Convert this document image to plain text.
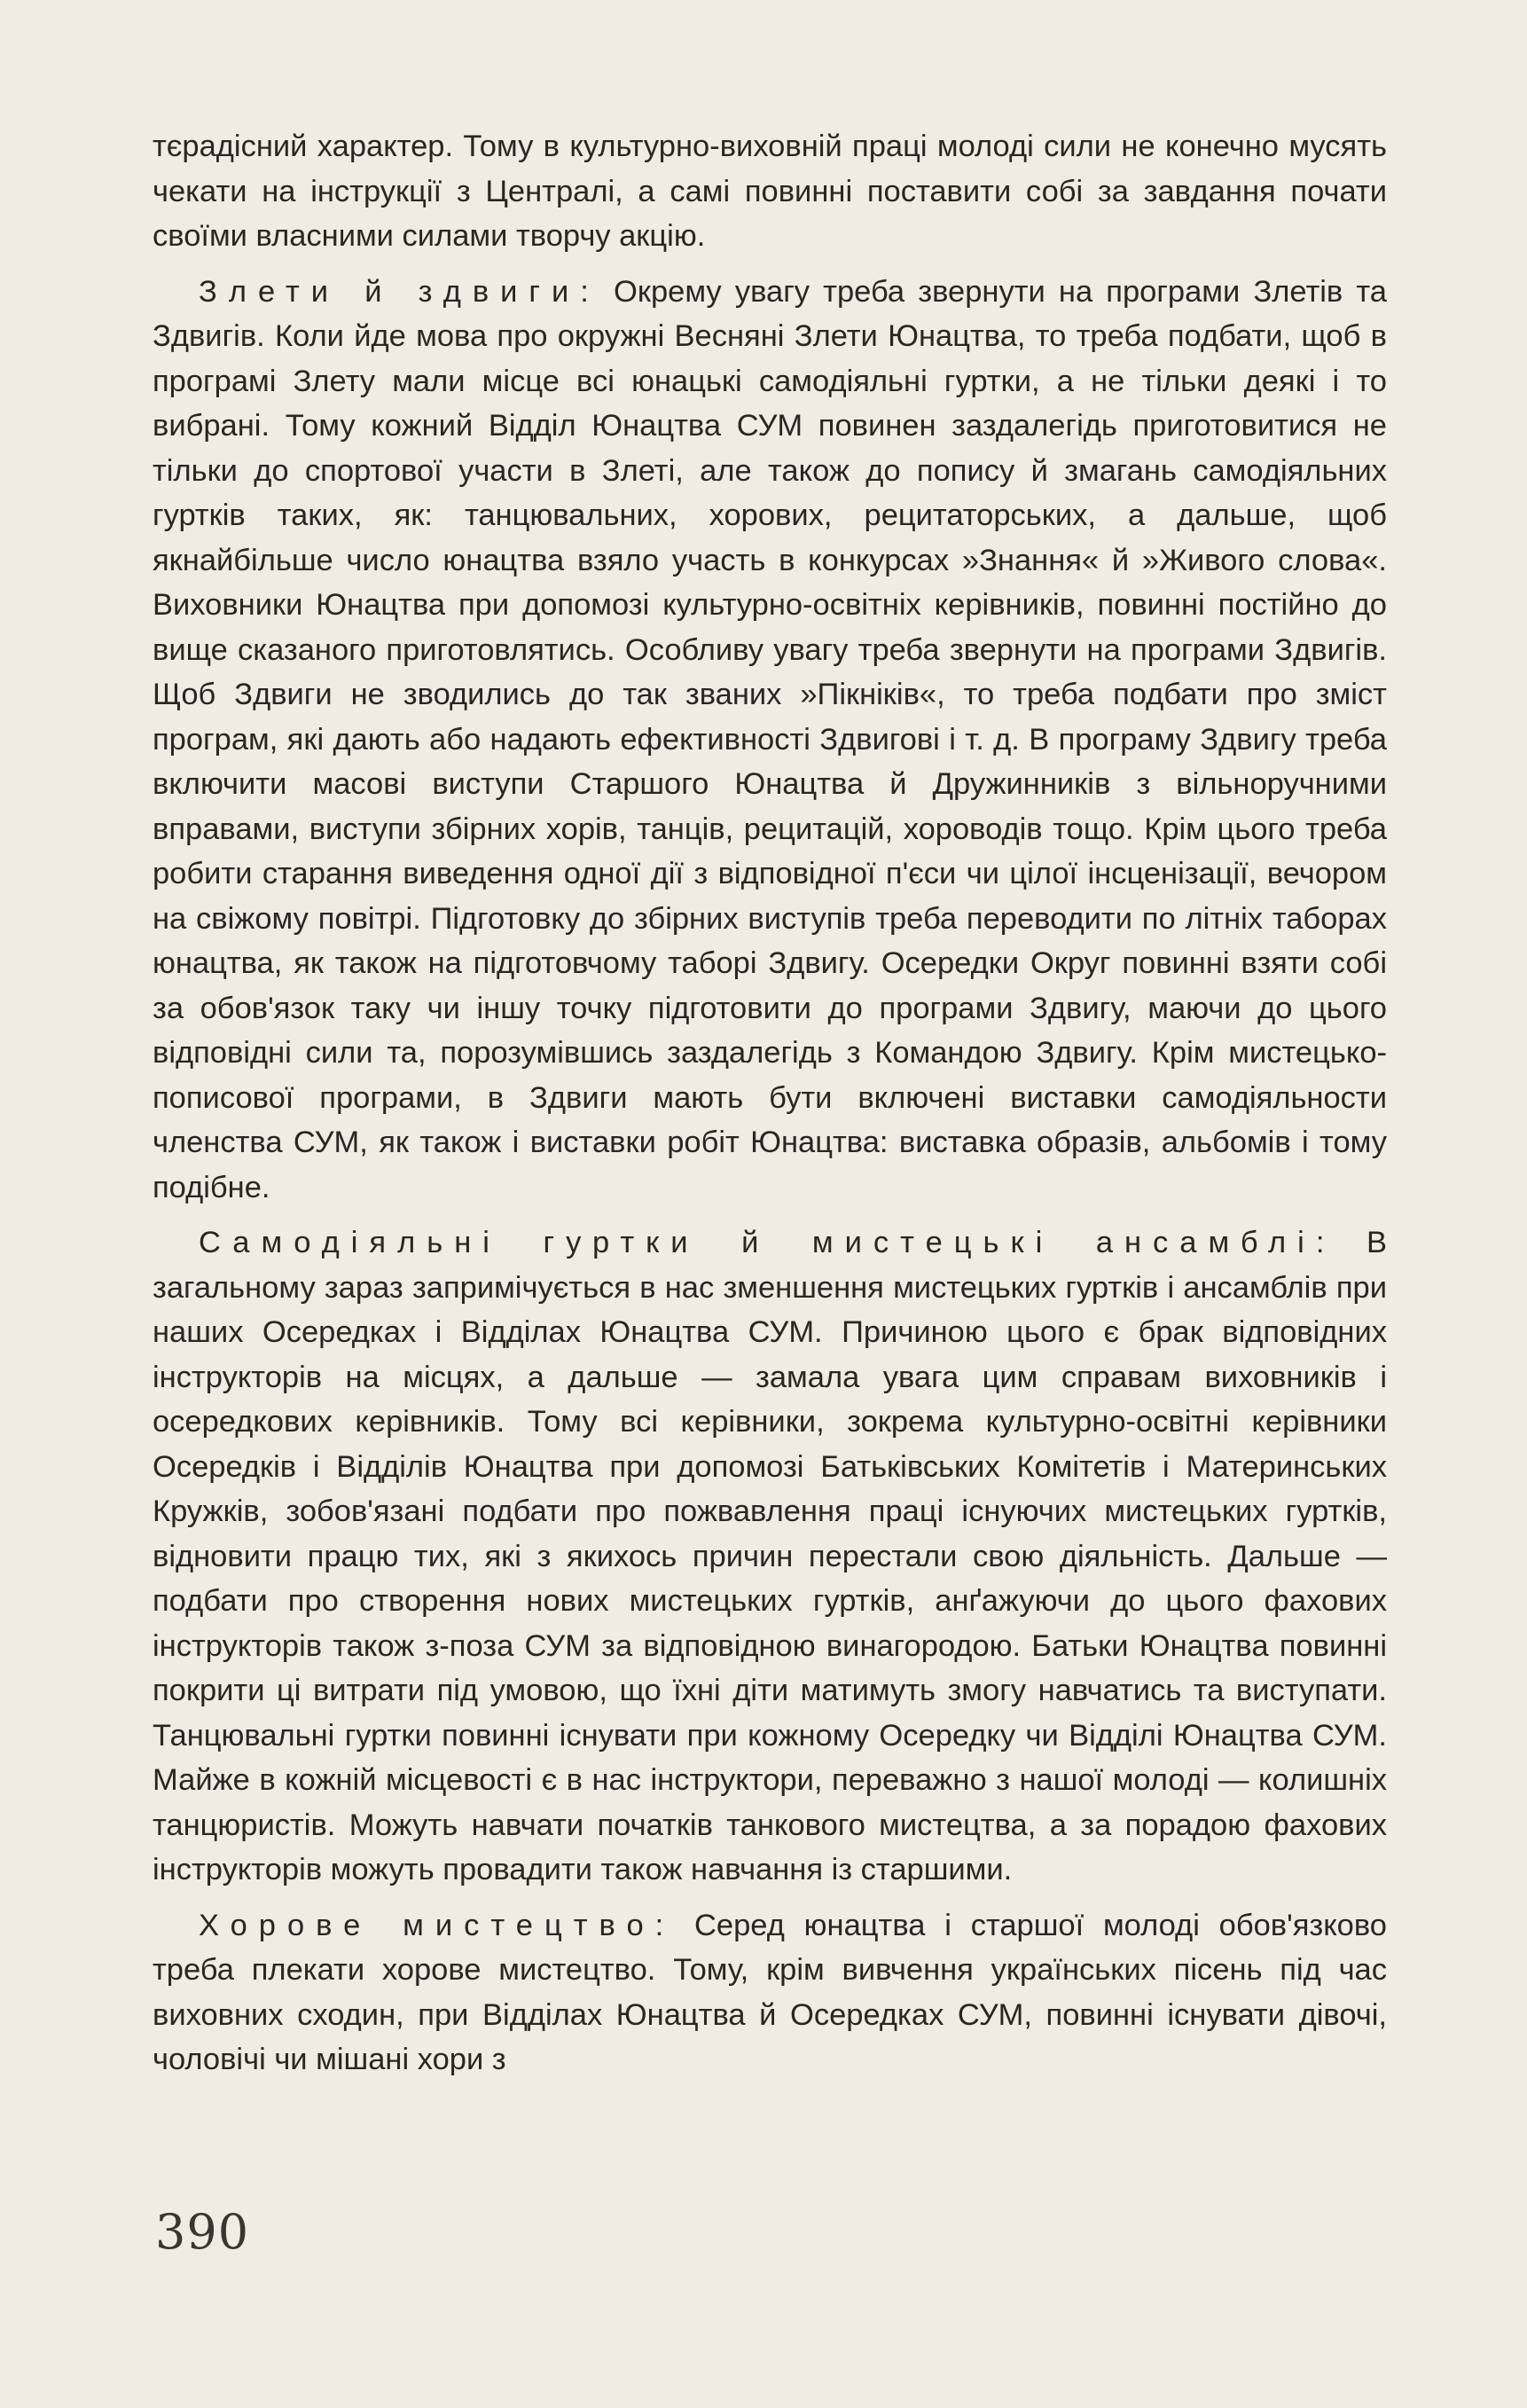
тєрадісний характер. Тому в культурно-виховній праці молоді сили не конечно мусять чекати на інструкції з Централі, а самі повинні поставити собі за завдання почати своїми власними силами творчу акцію.

Злети й здвиги: Окрему увагу треба звернути на програми Злетів та Здвигів. Коли йде мова про окружні Весняні Злети Юнацтва, то треба подбати, щоб в програмі Злету мали місце всі юнацькі самодіяльні гуртки, а не тільки деякі і то вибрані. Тому кожний Відділ Юнацтва СУМ повинен заздалегідь приготовитися не тільки до спортової участи в Злеті, але також до попису й змагань самодіяльних гуртків таких, як: танцювальних, хорових, рецитаторських, а дальше, щоб якнайбільше число юнацтва взяло участь в конкурсах »Знання« й »Живого слова«. Виховники Юнацтва при допомозі культурно-освітніх керівників, повинні постійно до вище сказаного приготовлятись. Особливу увагу треба звернути на програми Здвигів. Щоб Здвиги не зводились до так званих »Пікніків«, то треба подбати про зміст програм, які дають або надають ефективності Здвигові і т. д. В програму Здвигу треба включити масові виступи Старшого Юнацтва й Дружинників з вільноручними вправами, виступи збірних хорів, танців, рецитацій, хороводів тощо. Крім цього треба робити старання виведення одної дії з відповідної п'єси чи цілої інсценізації, вечором на свіжому повітрі. Підготовку до збірних виступів треба переводити по літніх таборах юнацтва, як також на підготовчому таборі Здвигу. Осередки Округ повинні взяти собі за обов'язок таку чи іншу точку підготовити до програми Здвигу, маючи до цього відповідні сили та, порозумівшись заздалегідь з Командою Здвигу. Крім мистецько-пописової програми, в Здвиги мають бути включені виставки самодіяльности членства СУМ, як також і виставки робіт Юнацтва: виставка образів, альбомів і тому подібне.

Самодіяльні гуртки й мистецькі ансамблі: В загальному зараз запримічується в нас зменшення мистецьких гуртків і ансамблів при наших Осередках і Відділах Юнацтва СУМ. Причиною цього є брак відповідних інструкторів на місцях, а дальше — замала увага цим справам виховників і осередкових керівників. Тому всі керівники, зокрема культурно-освітні керівники Осередків і Відділів Юнацтва при допомозі Батьківських Комітетів і Материнських Кружків, зобов'язані подбати про пожвавлення праці існуючих мистецьких гуртків, відновити працю тих, які з якихось причин перестали свою діяльність. Дальше — подбати про створення нових мистецьких гуртків, анґажуючи до цього фахових інструкторів також з-поза СУМ за відповідною винагородою. Батьки Юнацтва повинні покрити ці витрати під умовою, що їхні діти матимуть змогу навчатись та виступати. Танцювальні гуртки повинні існувати при кожному Осередку чи Відділі Юнацтва СУМ. Майже в кожній місцевості є в нас інструктори, переважно з нашої молоді — колишніх танцюристів. Можуть навчати початків танкового мистецтва, а за порадою фахових інструкторів можуть провадити також навчання із старшими.

Хорове мистецтво: Серед юнацтва і старшої молоді обов'язково треба плекати хорове мистецтво. Тому, крім вивчення українських пісень під час виховних сходин, при Відділах Юнацтва й Осередках СУМ, повинні існувати дівочі, чоловічі чи мішані хори з

390
